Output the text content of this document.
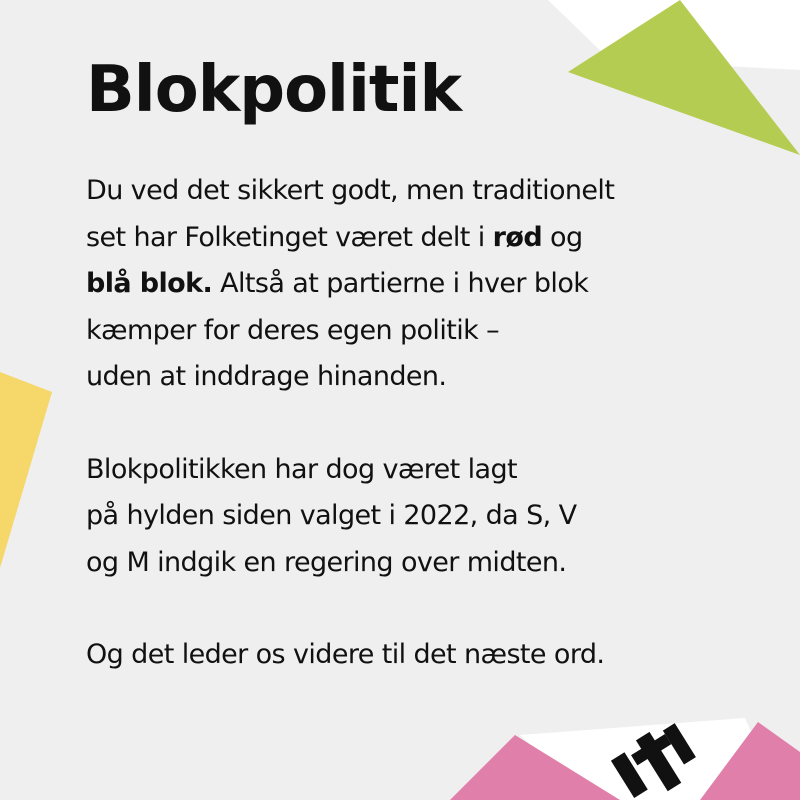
Blokpolitik

Du ved det sikkert godt, men traditionelt
set har Folketinget været delt i rød og
blå blok. Altså at partierne i hver blok
kæmper for deres egen politik –
uden at inddrage hinanden.

Blokpolitikken har dog været lagt
på hylden siden valget i 2022, da S, V
og M indgik en regering over midten.

Og det leder os videre til det næste ord.
